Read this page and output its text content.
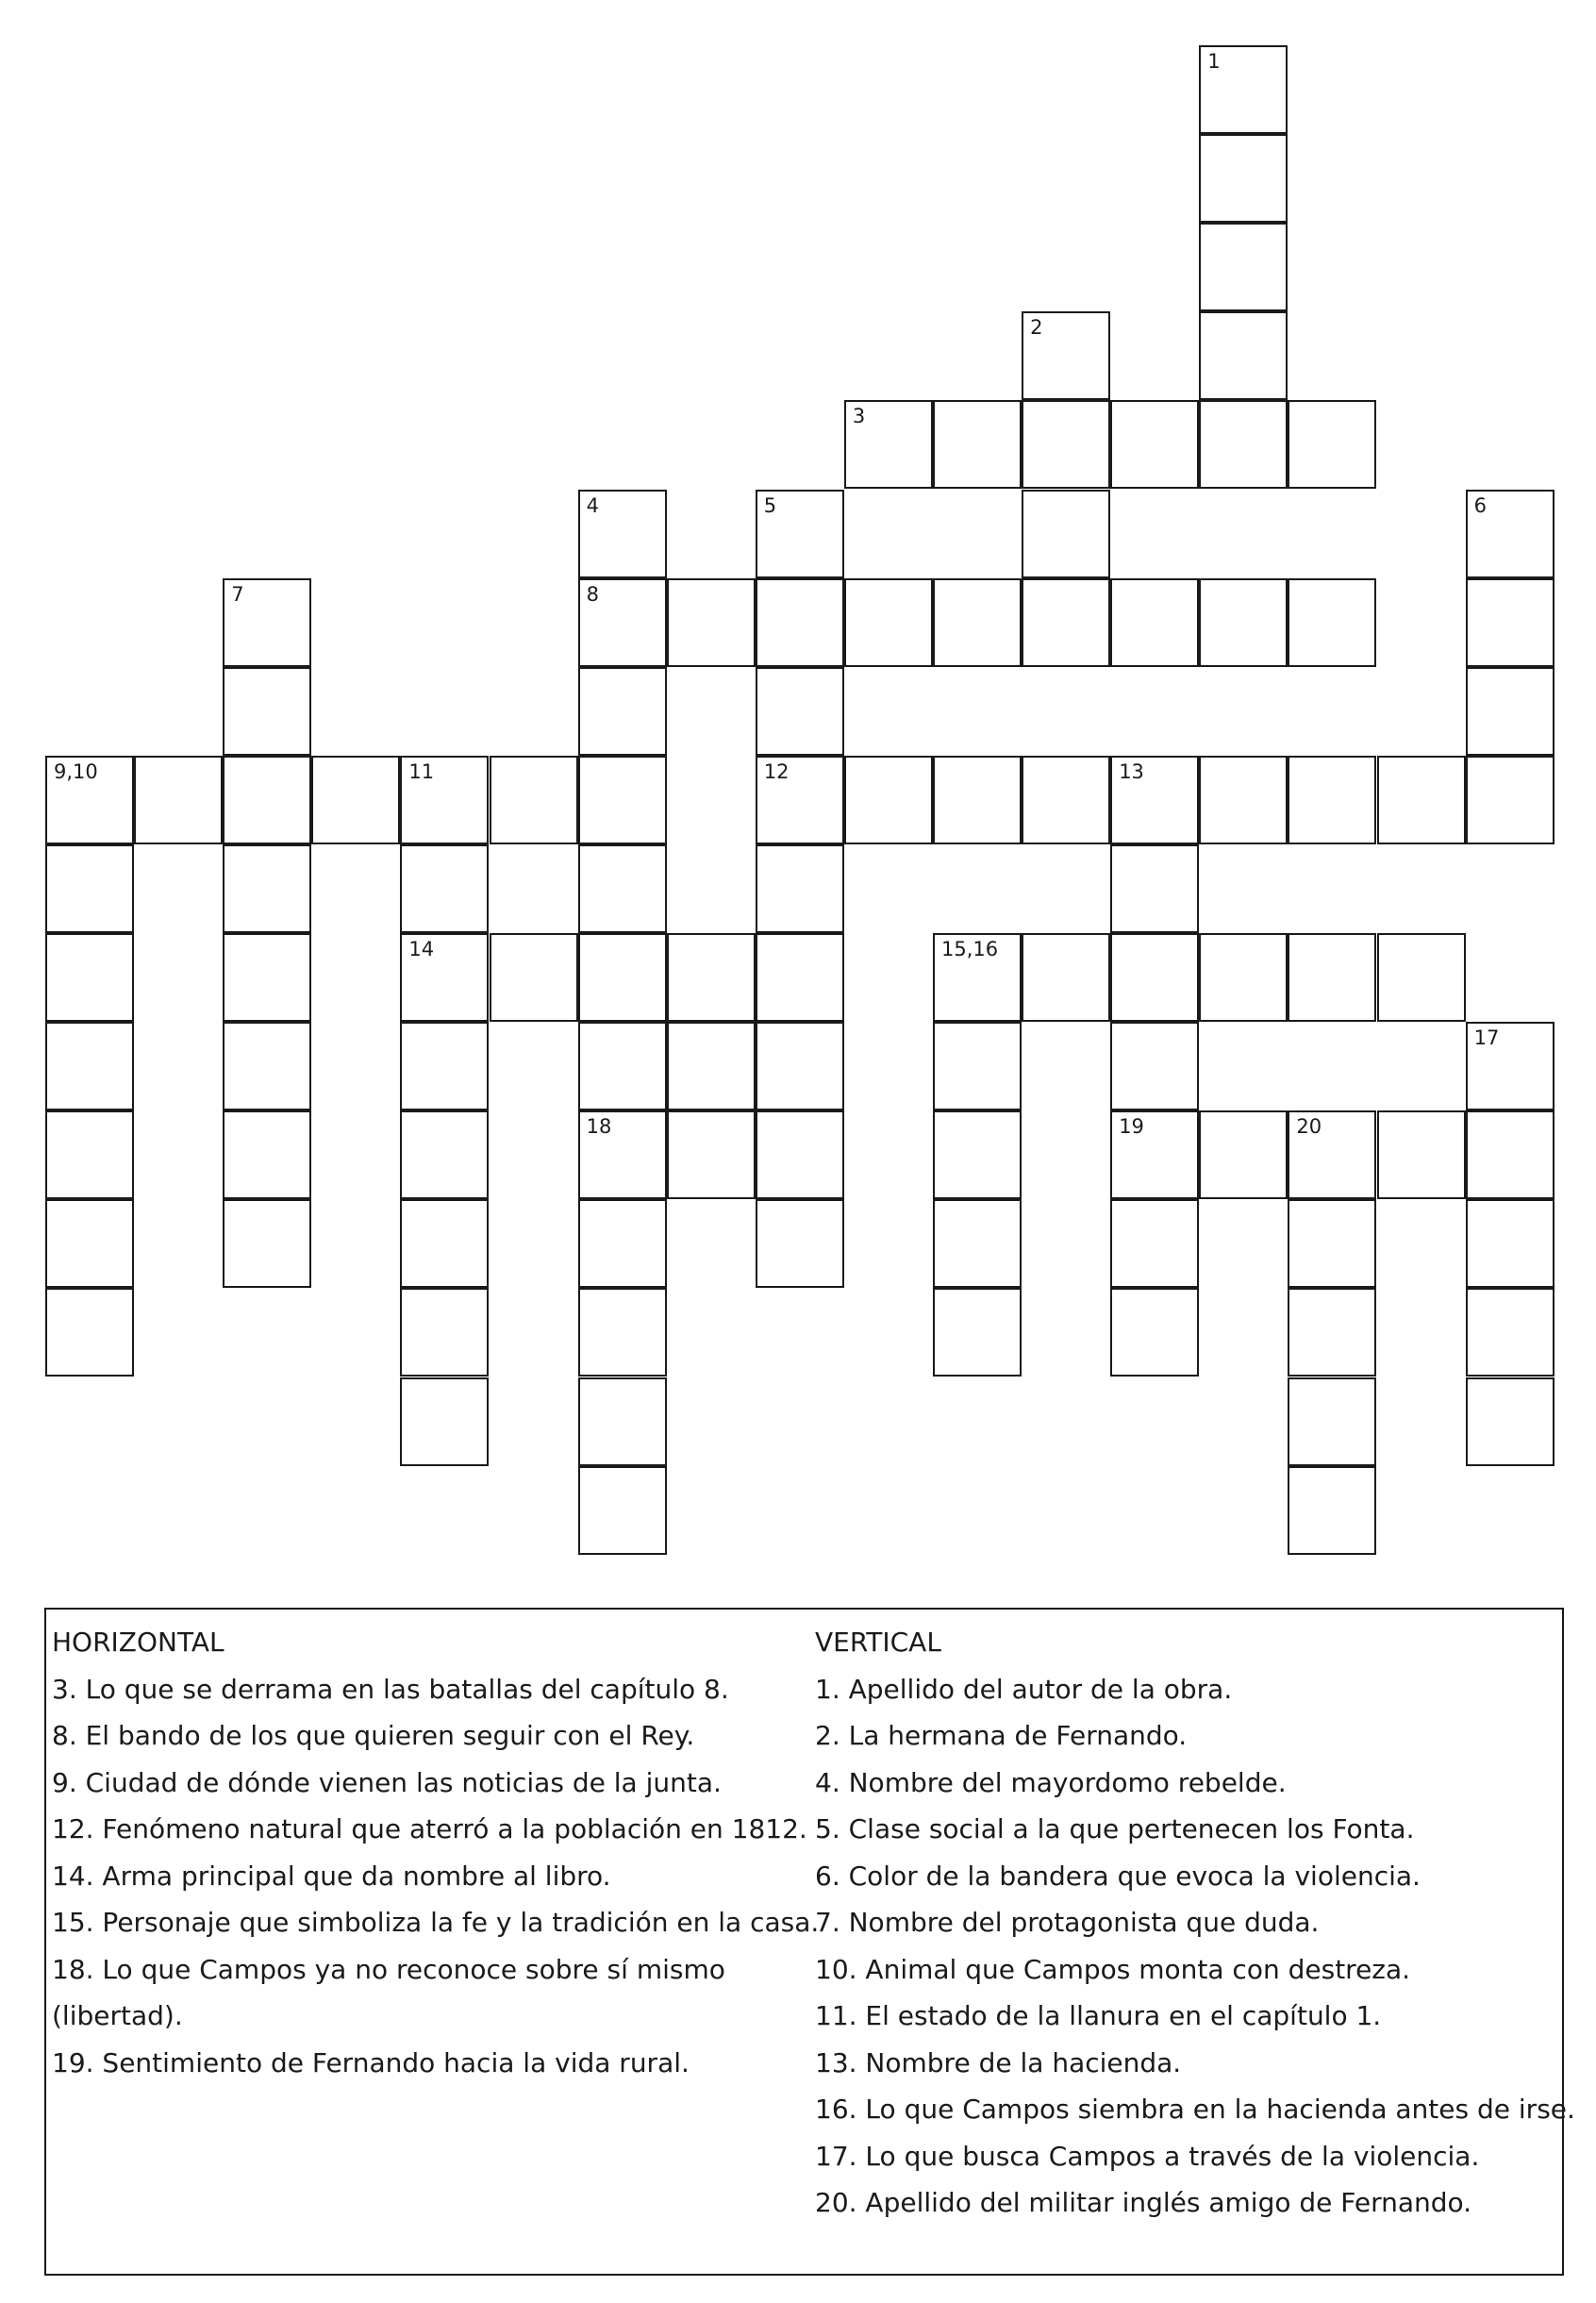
1
2
3
4	5	6
7	8
9,10	11	12	13
14	15,16
17
18	19	20
HORIZONTAL
3. Lo que se derrama en las batallas del capítulo 8.
8. El bando de los que quieren seguir con el Rey.
9. Ciudad de dónde vienen las noticias de la junta.
12. Fenómeno natural que aterró a la población en 1812.
14. Arma principal que da nombre al libro.
15. Personaje que simboliza la fe y la tradición en la casa.
18. Lo que Campos ya no reconoce sobre sí mismo
(libertad).
19. Sentimiento de Fernando hacia la vida rural.
VERTICAL
1. Apellido del autor de la obra.
2. La hermana de Fernando.
4. Nombre del mayordomo rebelde.
5. Clase social a la que pertenecen los Fonta.
6. Color de la bandera que evoca la violencia.
7. Nombre del protagonista que duda.
10. Animal que Campos monta con destreza.
11. El estado de la llanura en el capítulo 1.
13. Nombre de la hacienda.
16. Lo que Campos siembra en la hacienda antes de irse.
17. Lo que busca Campos a través de la violencia.
20. Apellido del militar inglés amigo de Fernando.
